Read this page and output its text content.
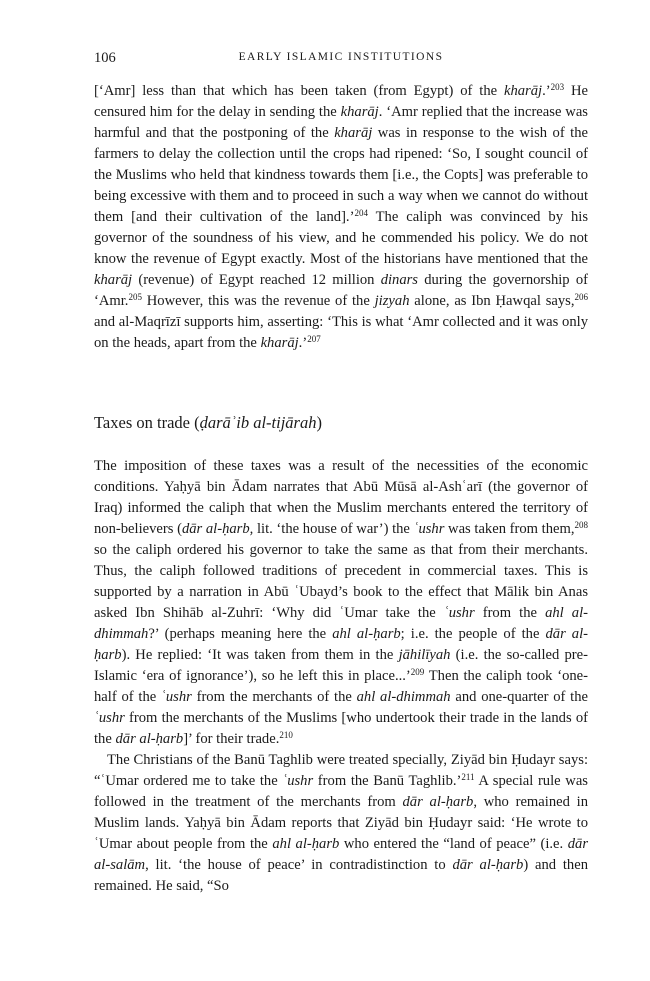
106	EARLY ISLAMIC INSTITUTIONS

[‘Amr] less than that which has been taken (from Egypt) of the kharāj.’$^{203}$ He censured him for the delay in sending the kharāj. ‘Amr replied that the increase was harmful and that the postponing of the kharāj was in response to the wish of the farmers to delay the collection until the crops had ripened: ‘So, I sought council of the Muslims who held that kindness towards them [i.e., the Copts] was preferable to being excessive with them and to proceed in such a way when we cannot do without them [and their cultivation of the land].’$^{204}$ The caliph was convinced by his governor of the soundness of his view, and he commended his policy. We do not know the revenue of Egypt exactly. Most of the historians have mentioned that the kharāj (revenue) of Egypt reached 12 million dinars during the governorship of ‘Amr.$^{205}$ However, this was the revenue of the jizyah alone, as Ibn Ḥawqal says,$^{206}$ and al-Maqrīzī supports him, asserting: ‘This is what ‘Amr collected and it was only on the heads, apart from the kharāj.’$^{207}$

Taxes on trade (ḍarāʾib al-tijārah)

The imposition of these taxes was a result of the necessities of the economic conditions. Yaḥyā bin Ādam narrates that Abū Mūsā al-Ashʿarī (the governor of Iraq) informed the caliph that when the Muslim merchants entered the territory of non-believers (dār al-ḥarb, lit. ‘the house of war’) the ʿushr was taken from them,$^{208}$ so the caliph ordered his governor to take the same as that from their merchants. Thus, the caliph followed traditions of precedent in commercial taxes. This is supported by a narration in Abū ʿUbayd’s book to the effect that Mālik bin Anas asked Ibn Shihāb al-Zuhrī: ‘Why did ʿUmar take the ʿushr from the ahl al-dhimmah?’ (perhaps meaning here the ahl al-ḥarb; i.e. the people of the dār al-ḥarb). He replied: ‘It was taken from them in the jāhilīyah (i.e. the so-called pre-Islamic ‘era of ignorance’), so he left this in place...’$^{209}$ Then the caliph took ‘one-half of the ʿushr from the merchants of the ahl al-dhimmah and one-quarter of the ʿushr from the merchants of the Muslims [who undertook their trade in the lands of the dār al-ḥarb]’ for their trade.$^{210}$

The Christians of the Banū Taghlib were treated specially, Ziyād bin Ḥudayr says: “ʿUmar ordered me to take the ʿushr from the Banū Taghlib.’$^{211}$ A special rule was followed in the treatment of the merchants from dār al-ḥarb, who remained in Muslim lands. Yaḥyā bin Ādam reports that Ziyād bin Ḥudayr said: ‘He wrote to ʿUmar about people from the ahl al-ḥarb who entered the “land of peace” (i.e. dār al-salām, lit. ‘the house of peace’ in contradistinction to dār al-ḥarb) and then remained. He said, “So
